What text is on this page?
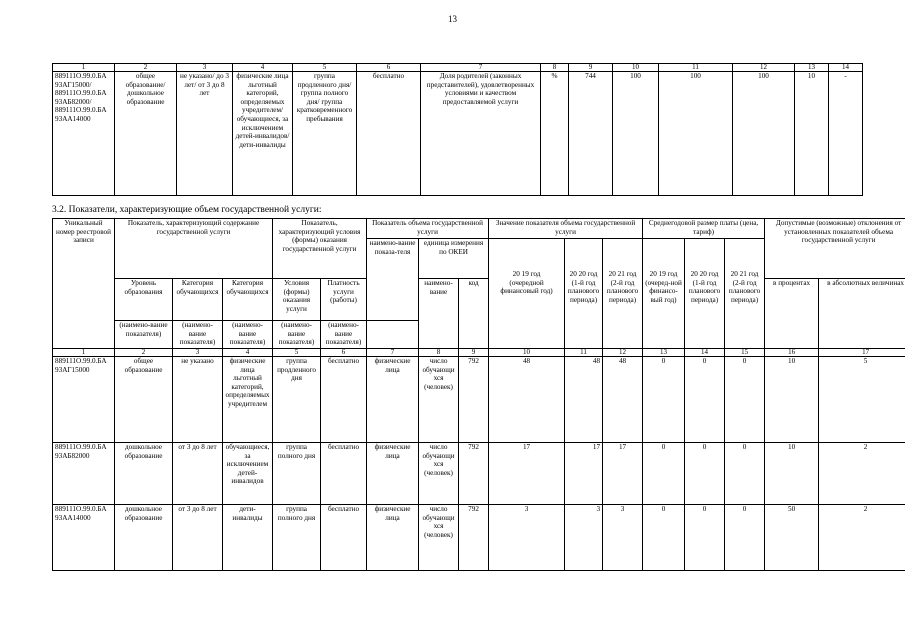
13
1	2	3	4	5	6	7	8	9	10	11	12	13	14
889111О.99.0.БА 93АГ15000/ 889111О.99.0.БА 93АБ82000/ 889111О.99.0.БА 93АА14000	общее образование/ дошкольное образование	не указано/ до 3 лет/ от 3 до 8 лет	физические лица льготный категорий, определяемых учредителем/ обучающиеся, за исключением детей-инвалидов/ дети-инвалиды	группа продленного дня/ группа полного дня/ группа кратковременного пребывания	бесплатно	Доля родителей (законных представителей), удовлетворенных условиями и качеством предоставляемой услуги	%	744	100	100	100	10	-
3.2. Показатели, характеризующие объем государственной услуги:
Уникальный номер реестровой записи	Показатель, характеризующий содержание государственной услуги			Показатель, характеризующий условия (формы) оказания государственной услуги		Показатель объема государственной услуги			Значение показателя объема государственной услуги			Среднегодовой размер платы (цена, тариф)			Допустимые (возможные) отклонения от установленных показателей объема государственной услуги	
						наимено-вание показа-теля	единица измерения по ОКЕИ		20 19 год	20 20 год	20 21 год	20 19 год	20 20 год	20 21 год		
	Уровень образования	Категория обучающихся	Категория обучающихся	Условия (формы) оказания услуги	Платность услуги (работы)		наимено-вание	код	(очередной финансовый год)	(1-й год планового периода)	(2-й год планового периода)	(очеред-ной финансо-вый год)	(1-й год планового периода)	(2-й год планового периода)	в процентах	в абсолютных величинах
	(наимено-вание показателя)	(наимено-вание показателя)	(наимено-вание показателя)	(наимено-вание показателя)	(наимено-вание показателя)											
1	2	3	4	5	6	7	8	9	10	11	12	13	14	15	16	17
889111О.99.0.БА 93АГ15000	общее образование	не указано	физические лица льготный категорий, определяемых учредителем	группа продленного дня	бесплатно	физические лица	число обучающихся (человек)	792	48	48	48	0	0	0	10	5
889111О.99.0.БА 93АБ82000	дошкольное образование	от 3 до 8 лет	обучающиеся, за исключением детей-инвалидов	группа полного дня	бесплатно	физические лица	число обучающихся (человек)	792	17	17	17	0	0	0	10	2
889111О.99.0.БА 93АА14000	дошкольное образование	от 3 до 8 лет	дети-инвалиды	группа полного дня	бесплатно	физические лица	число обучающихся (человек)	792	3	3	3	0	0	0	50	2
